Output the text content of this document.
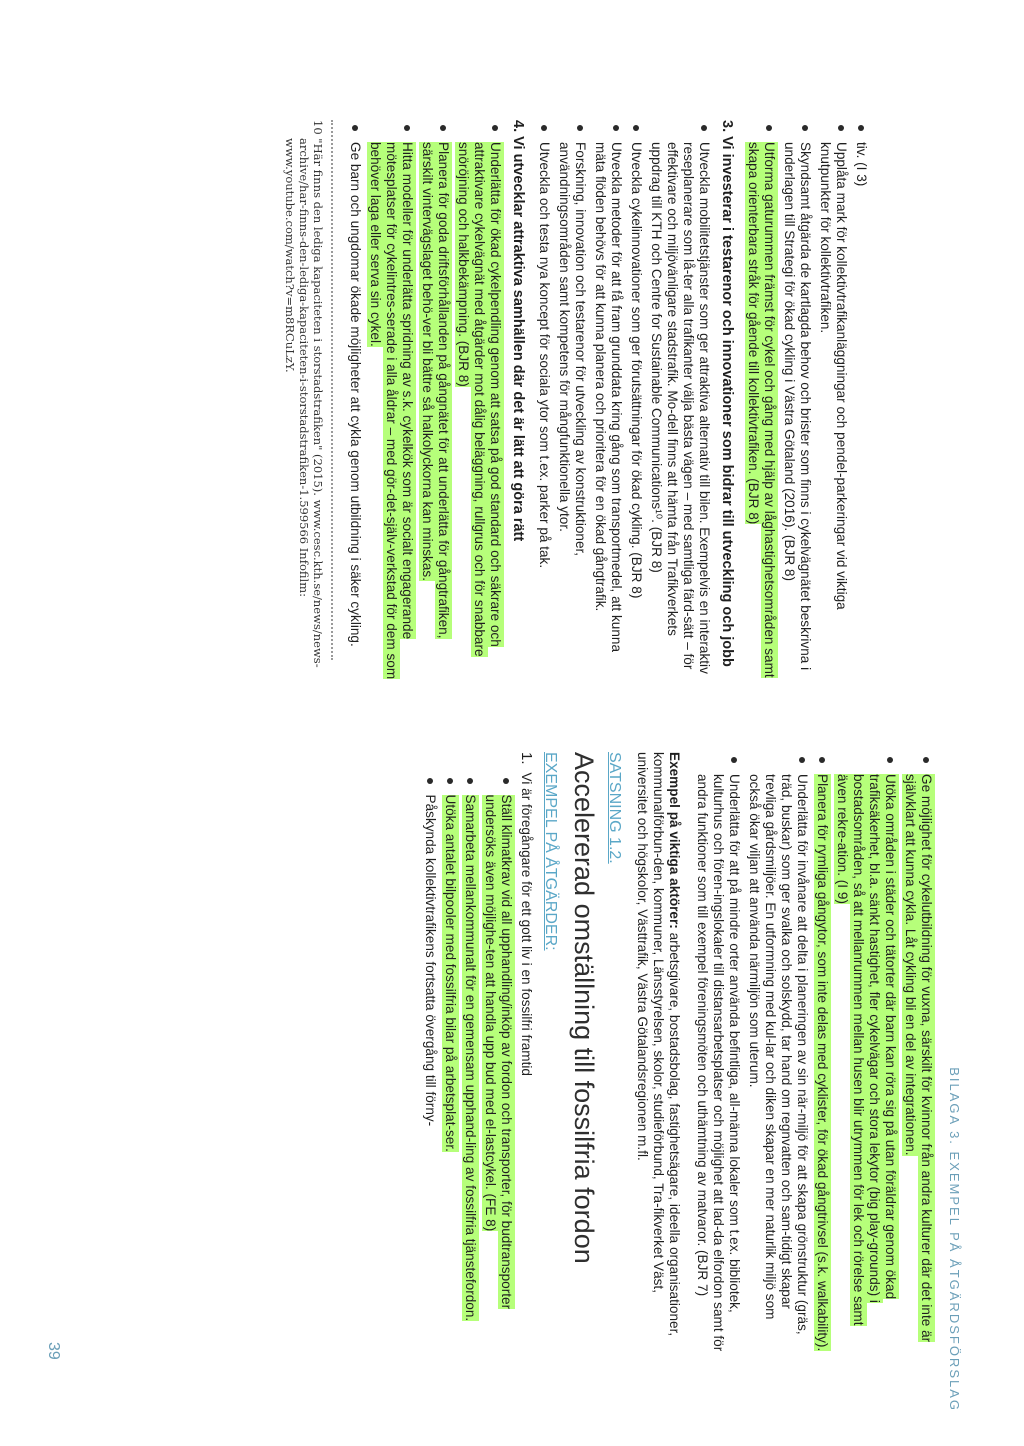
BILAGA 3. EXEMPEL PÅ ÅTGÄRDSFÖRSLAG
39
tiv. (I 3)
Upplåta mark för kollektivtrafikanläggningar och pendel-parkeringar vid viktiga knutpunkter för kollektivtrafiken.
Skyndsamt åtgärda de kartlagda behov och brister som finns i cykelvägnätet beskrivna i underlagen till Strategi för ökad cykling i Västra Götaland (2016). (BJR 8)
Utforma gaturummen främst för cykel och gång med hjälp av låghastighetsområden samt skapa orienterbara stråk för gående till kollektivtrafiken. (BJR 8)
3. Vi investerar i testarenor och innovationer som bidrar till utveckling och jobb
Utveckla mobilitetstjänster som ger attraktiva alternativ till bilen. Exempelvis en interaktiv reseplanerare som lå-ter alla trafikanter välja bästa vägen – med samtliga färd-sätt – för effektivare och miljövänligare stadstrafik. Mo-dell finns att hämta från Trafikverkets uppdrag till KTH och Centre for Sustainable Communications¹⁰. (BJR 8)
Utveckla cykelinnovationer som ger förutsättningar för ökad cykling. (BJR 8)
Utveckla metoder för att få fram grunddata kring gång som transportmedel, att kunna mäta flöden behövs för att kunna planera och prioritera för en ökad gångtrafik.
Forskning, innovation och testarenor för utveckling av konstruktioner, användningsområden samt kompetens för mångfunktionella ytor.
Utveckla och testa nya koncept för sociala ytor som t.ex. parker på tak.
4. Vi utvecklar attraktiva samhällen där det är lätt att göra rätt
Underlätta för ökad cykelpendling genom att satsa på god standard och säkrare och attraktivare cykelvägnät med åtgärder mot dålig beläggning, rullgrus och för snabbare snöröjning och halkbekämpning. (BJR 8)
Planera för goda driftsförhållanden på gångnätet för att underlätta för gångtrafiken, särskilt vintervägslaget behö-ver bli bättre så halkolyckorna kan minskas.
Hitta modeller för underlätta spridning av s.k. cykelkök som är socialt engagerande mötesplatser för cykelintres-serade i alla åldrar – med gör-det-själv-verkstad för dem som behöver laga eller serva sin cykel.
Ge barn och ungdomar ökade möjligheter att cykla genom utbildning i säker cykling.

10 "Här finns den lediga kapaciteten i storstadstrafiken" (2015). www.cesc.kth.se/news/news-archive/har-finns-den-lediga-kapaciteten-i-storstadstrafiken-1.599566 Infofilm: www.youtube.com/watch?v=m8RCuLzY.

Ge möjlighet för cykelutbildning för vuxna, särskilt för kvinnor från andra kulturer där det inte är självklart att kunna cykla. Låt cykling bli en del av integrationen.
Utöka områden i städer och tätorter där barn kan röra sig på utan föräldrar genom ökad trafiksäkerhet, bl.a. sänkt hastighet, fler cykelvägar och stora lekytor (big play-grounds) i bostadsområden, så att mellanrummen mellan husen blir utrymmen för lek och rörelse samt även rekre-ation. (I 9)
Planera för rymliga gångytor, som inte delas med cyklister, för ökad gångtrivsel (s.k. walkability).
Underlätta för invånare att delta i planeringen av sin när-miljö för att skapa grönstruktur (gräs, träd, buskar) som ger svalka och solskydd, tar hand om regnvatten och sam-tidigt skapar trevliga gårdsmiljöer. En utformning med kul-lar och diken skapar en mer naturlik miljö som också ökar viljan att använda närmiljön som uterum.
Underlätta för att på mindre orter använda befintliga, all-männa lokaler som t.ex. bibliotek, kulturhus och fören-ingslokaler till distansarbetsplatser och möjlighet att lad-da elfordon samt för andra funktioner som till exempel föreningsmöten och uthämtning av matvaror. (BJR 7)

Exempel på viktiga aktörer: arbetsgivare, bostadsbolag, fastighetsägare, ideella organisationer, kommunalförbun-den, kommuner, Länsstyrelsen, skolor, studieförbund, Tra-fikverket Väst, universitet och högskolor, Västtrafik, Västra Götalandsregionen m.fl.

SATSNING 1.2.
Accelererad omställning till fossilfria fordon
EXEMPEL PÅ ÅTGÄRDER:
1.
Vi är föregångare för ett gott liv i en fossilfri framtid
Ställ klimatkrav vid all upphandling/inköp av fordon och transporter, för budtransporter undersöks även möjlighe-ten att handla upp bud med el-lastcykel. (FE 8)
Samarbeta mellankommunalt för en gemensam upphand-ling av fossilfria tjänstefordon.
Utöka antalet bilpooler med fossilfria bilar på arbetsplat-ser.
Påskynda kollektivtrafikens fortsatta övergång till förny-
